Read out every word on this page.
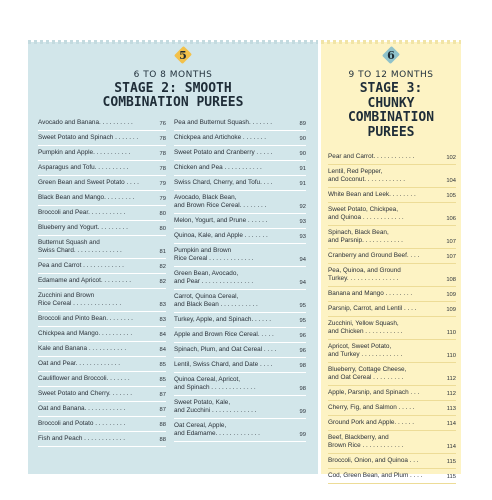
5	6
6 TO 8 MONTHS
STAGE 2: SMOOTH
COMBINATION PUREES
9 TO 12 MONTHS
STAGE 3:
CHUNKY
COMBINATION
PUREES
Avocado and Banana. . . . . . . . . .	76
Sweet Potato and Spinach . . . . . . .	78
Pumpkin and Apple. . . . . . . . . . .	78
Asparagus and Tofu. . . . . . . . . .	78
Green Bean and Sweet Potato . . . .	79
Black Bean and Mango. . . . . . . . .	79
Broccoli and Pear. . . . . . . . . . .	80
Blueberry and Yogurt. . . . . . . . .	80
Butternut Squash and
Swiss Chard. . . . . . . . . . . . . .	81
Pea and Carrot . . . . . . . . . . . .	82
Edamame and Apricot. . . . . . . . .	82
Zucchini and Brown
Rice Cereal . . . . . . . . . . . . . .	83
Broccoli and Pinto Bean. . . . . . . .	83
Chickpea and Mango. . . . . . . . . .	84
Kale and Banana . . . . . . . . . . .	84
Oat and Pear. . . . . . . . . . . . .	85
Cauliflower and Broccoli. . . . . . .	85
Sweet Potato and Cherry. . . . . . .	87
Oat and Banana. . . . . . . . . . . .	87
Broccoli and Potato . . . . . . . . .	88
Fish and Peach . . . . . . . . . . . .	88
Pea and Butternut Squash. . . . . . .	89
Chickpea and Artichoke . . . . . . .	90
Sweet Potato and Cranberry . . . . .	90
Chicken and Pea . . . . . . . . . . .	91
Swiss Chard, Cherry, and Tofu. . . .	91
Avocado, Black Bean,
and Brown Rice Cereal. . . . . . . .	92
Melon, Yogurt, and Prune . . . . . .	93
Quinoa, Kale, and Apple . . . . . . .	93
Pumpkin and Brown
Rice Cereal . . . . . . . . . . . . .	94
Green Bean, Avocado,
and Pear . . . . . . . . . . . . . . .	94
Carrot, Quinoa Cereal,
and Black Bean . . . . . . . . . . .	95
Turkey, Apple, and Spinach. . . . . .	95
Apple and Brown Rice Cereal. . . . .	96
Spinach, Plum, and Oat Cereal . . . .	96
Lentil, Swiss Chard, and Date . . . .	98
Quinoa Cereal, Apricot,
and Spinach . . . . . . . . . . . . .	98
Sweet Potato, Kale,
and Zucchini . . . . . . . . . . . . .	99
Oat Cereal, Apple,
and Edamame. . . . . . . . . . . . .	99
Pear and Carrot. . . . . . . . . . . .	102
Lentil, Red Pepper,
and Coconut. . . . . . . . . . . .	104
White Bean and Leek. . . . . . . .	105
Sweet Potato, Chickpea,
and Quinoa . . . . . . . . . . . .	106
Spinach, Black Bean,
and Parsnip. . . . . . . . . . . .	107
Cranberry and Ground Beef. . . .	107
Pea, Quinoa, and Ground
Turkey. . . . . . . . . . . . . . .	108
Banana and Mango . . . . . . . .	109
Parsnip, Carrot, and Lentil . . . .	109
Zucchini, Yellow Squash,
and Chicken . . . . . . . . . . .	110
Apricot, Sweet Potato,
and Turkey . . . . . . . . . . . .	110
Blueberry, Cottage Cheese,
and Oat Cereal . . . . . . . . .	112
Apple, Parsnip, and Spinach . . .	112
Cherry, Fig, and Salmon . . . . .	113
Ground Pork and Apple. . . . . .	114
Beef, Blackberry, and
Brown Rice . . . . . . . . . . . .	114
Broccoli, Onion, and Quinoa . . .	115
Cod, Green Bean, and Plum . . . .	115
